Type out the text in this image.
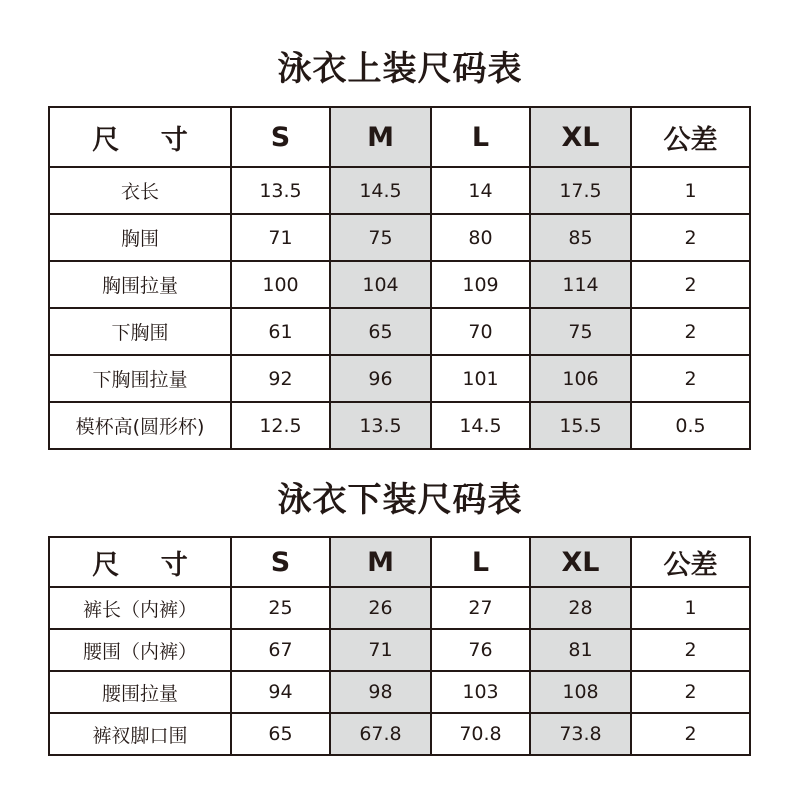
泳衣上装尺码表
尺 寸	S	M	L	XL	公差
衣长	13.5	14.5	14	17.5	1
胸围	71	75	80	85	2
胸围拉量	100	104	109	114	2
下胸围	61	65	70	75	2
下胸围拉量	92	96	101	106	2
模杯高(圆形杯)	12.5	13.5	14.5	15.5	0.5
泳衣下装尺码表
尺 寸	S	M	L	XL	公差
裤长（内裤）	25	26	27	28	1
腰围（内裤）	67	71	76	81	2
腰围拉量	94	98	103	108	2
裤衩脚口围	65	67.8	70.8	73.8	2
